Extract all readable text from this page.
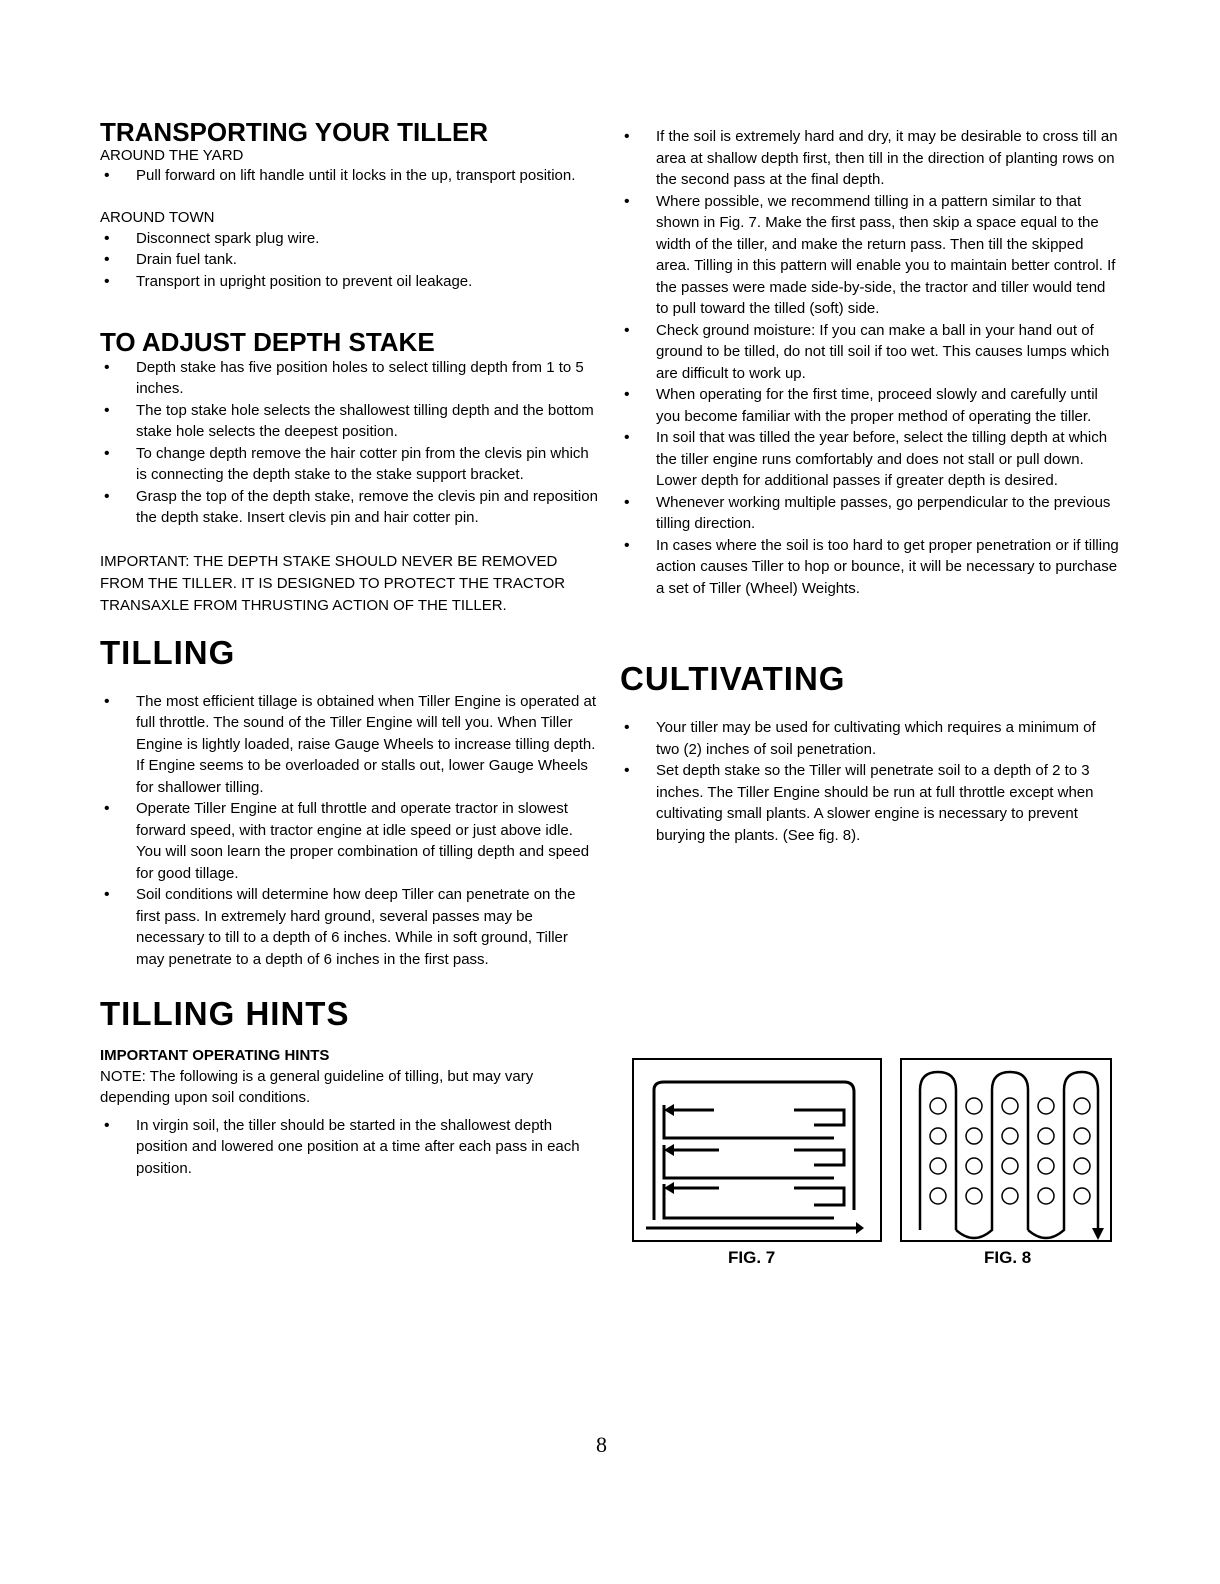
TRANSPORTING YOUR TILLER

AROUND THE YARD

• Pull forward on lift handle until it locks in the up, transport position.

AROUND TOWN

• Disconnect spark plug wire.
• Drain fuel tank.
• Transport in upright position to prevent oil leakage.
TO ADJUST DEPTH STAKE
• Depth stake has five position holes to select tilling depth from 1 to 5 inches.
• The top stake hole selects the shallowest tilling depth and the bottom stake hole selects the deepest position.
• To change depth remove the hair cotter pin from the clevis pin which is connecting the depth stake to the stake support bracket.
• Grasp the top of the depth stake, remove the clevis pin and reposition the depth stake. Insert clevis pin and hair cotter pin.

IMPORTANT: THE DEPTH STAKE SHOULD NEVER BE REMOVED FROM THE TILLER. IT IS DESIGNED TO PROTECT THE TRACTOR TRANSAXLE FROM THRUSTING ACTION OF THE TILLER.

TILLING
• The most efficient tillage is obtained when Tiller Engine is operated at full throttle. The sound of the Tiller Engine will tell you. When Tiller Engine is lightly loaded, raise Gauge Wheels to increase tilling depth. If Engine seems to be overloaded or stalls out, lower Gauge Wheels for shallower tilling.
• Operate Tiller Engine at full throttle and operate tractor in slowest forward speed, with tractor engine at idle speed or just above idle. You will soon learn the proper combination of tilling depth and speed for good tillage.
• Soil conditions will determine how deep Tiller can penetrate on the first pass. In extremely hard ground, several passes may be necessary to till to a depth of 6 inches. While in soft ground, Tiller may penetrate to a depth of 6 inches in the first pass.
TILLING HINTS

IMPORTANT OPERATING HINTS

NOTE: The following is a general guideline of tilling, but may vary depending upon soil conditions.

• In virgin soil, the tiller should be started in the shallowest depth position and lowered one position at a time after each pass in each position.
• If the soil is extremely hard and dry, it may be desirable to cross till an area at shallow depth first, then till in the direction of planting rows on the second pass at the final depth.
• Where possible, we recommend tilling in a pattern similar to that shown in Fig. 7. Make the first pass, then skip a space equal to the width of the tiller, and make the return pass. Then till the skipped area. Tilling in this pattern will enable you to maintain better control. If the passes were made side-by-side, the tractor and tiller would tend to pull toward the tilled (soft) side.
• Check ground moisture: If you can make a ball in your hand out of ground to be tilled, do not till soil if too wet. This causes lumps which are difficult to work up.
• When operating for the first time, proceed slowly and carefully until you become familiar with the proper method of operating the tiller.
• In soil that was tilled the year before, select the tilling depth at which the tiller engine runs comfortably and does not stall or pull down. Lower depth for additional passes if greater depth is desired.
• Whenever working multiple passes, go perpendicular to the previous tilling direction.
• In cases where the soil is too hard to get proper penetration or if tilling action causes Tiller to hop or bounce, it will be necessary to purchase a set of Tiller (Wheel) Weights.
CULTIVATING
• Your tiller may be used for cultivating which requires a minimum of two (2) inches of soil penetration.
• Set depth stake so the Tiller will penetrate soil to a depth of 2 to 3 inches. The Tiller Engine should be run at full throttle except when cultivating small plants. A slower engine is necessary to prevent burying the plants. (See fig. 8).
FIG. 7	FIG. 8
8
